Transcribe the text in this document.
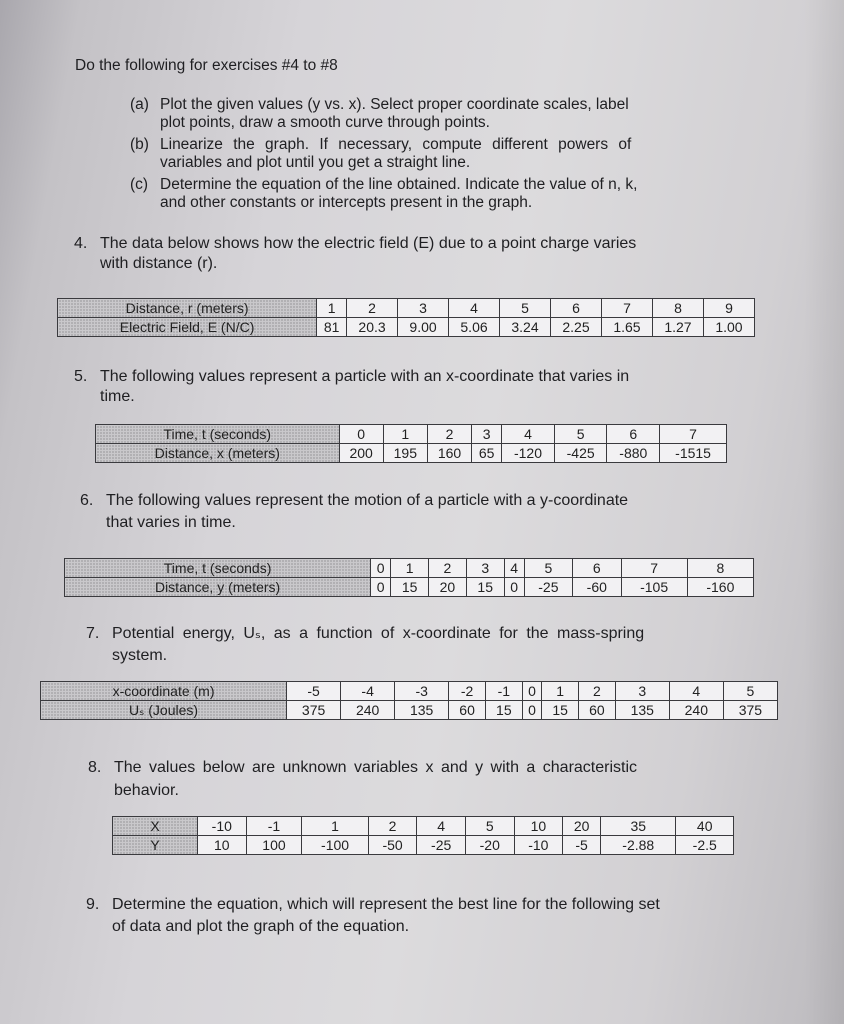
Do the following for exercises #4 to #8
(a) Plot the given values (y vs. x). Select proper coordinate scales, label
plot points, draw a smooth curve through points.
(b) Linearize the graph. If necessary, compute different powers of
variables and plot until you get a straight line.
(c) Determine the equation of the line obtained. Indicate the value of n, k,
and other constants or intercepts present in the graph.
4. The data below shows how the electric field (E) due to a point charge varies
with distance (r).
Distance, r (meters)	1	2	3	4	5	6	7	8	9
Electric Field, E (N/C)	81	20.3	9.00	5.06	3.24	2.25	1.65	1.27	1.00
5. The following values represent a particle with an x-coordinate that varies in
time.
Time, t (seconds)	0	1	2	3	4	5	6	7
Distance, x (meters)	200	195	160	65	-120	-425	-880	-1515
6. The following values represent the motion of a particle with a y-coordinate
that varies in time.
Time, t (seconds)	0	1	2	3	4	5	6	7	8
Distance, y (meters)	0	15	20	15	0	-25	-60	-105	-160
7. Potential energy, Uₛ, as a function of x-coordinate for the mass-spring
system.
x-coordinate (m)	-5	-4	-3	-2	-1	0	1	2	3	4	5
Uₛ (Joules)	375	240	135	60	15	0	15	60	135	240	375
8. The values below are unknown variables x and y with a characteristic
behavior.
X	-10	-1	1	2	4	5	10	20	35	40
Y	10	100	-100	-50	-25	-20	-10	-5	-2.88	-2.5
9. Determine the equation, which will represent the best line for the following set
of data and plot the graph of the equation.
